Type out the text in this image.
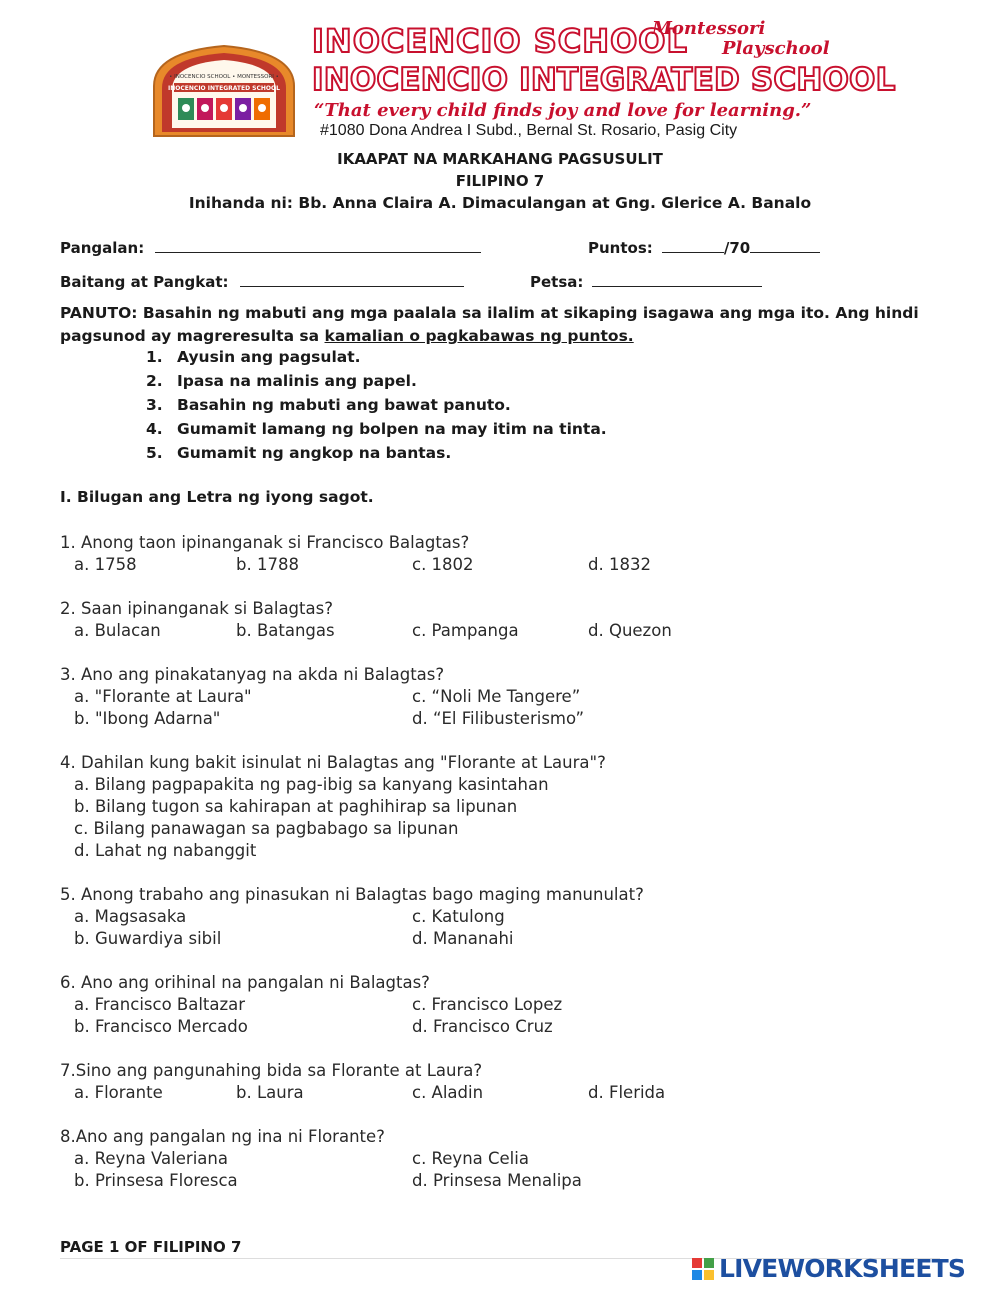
• INOCENCIO SCHOOL • MONTESSORI •
INOCENCIO INTEGRATED SCHOOL
INOCENCIO SCHOOL
Montessori
Playschool
INOCENCIO INTEGRATED SCHOOL
“That every child finds joy and love for learning.”
#1080 Dona Andrea I Subd., Bernal St. Rosario, Pasig City
IKAAPAT NA MARKAHANG PAGSUSULIT
FILIPINO 7
Inihanda ni: Bb. Anna Claira A. Dimaculangan at Gng. Glerice A. Banalo
Pangalan:	Puntos:	/70
Baitang at Pangkat:	Petsa:
PANUTO: Basahin ng mabuti ang mga paalala sa ilalim at sikaping isagawa ang mga ito. Ang hindi pagsunod ay magreresulta sa kamalian o pagkabawas ng puntos.
1. Ayusin ang pagsulat.
2. Ipasa na malinis ang papel.
3. Basahin ng mabuti ang bawat panuto.
4. Gumamit lamang ng bolpen na may itim na tinta.
5. Gumamit ng angkop na bantas.
I. Bilugan ang Letra ng iyong sagot.
1. Anong taon ipinanganak si Francisco Balagtas?
a. 1758	b. 1788	c. 1802	d. 1832
2. Saan ipinanganak si Balagtas?
a. Bulacan	b. Batangas	c. Pampanga	d. Quezon
3. Ano ang pinakatanyag na akda ni Balagtas?
a. "Florante at Laura"	c. “Noli Me Tangere”
b. "Ibong Adarna"	d. “El Filibusterismo”
4. Dahilan kung bakit isinulat ni Balagtas ang "Florante at Laura"?
a. Bilang pagpapakita ng pag-ibig sa kanyang kasintahan
b. Bilang tugon sa kahirapan at paghihirap sa lipunan
c. Bilang panawagan sa pagbabago sa lipunan
d. Lahat ng nabanggit
5. Anong trabaho ang pinasukan ni Balagtas bago maging manunulat?
a. Magsasaka	c. Katulong
b. Guwardiya sibil	d. Mananahi
6. Ano ang orihinal na pangalan ni Balagtas?
a. Francisco Baltazar	c. Francisco Lopez
b. Francisco Mercado	d. Francisco Cruz
7.Sino ang pangunahing bida sa Florante at Laura?
a. Florante	b. Laura	c. Aladin	d. Flerida
8.Ano ang pangalan ng ina ni Florante?
a. Reyna Valeriana	c. Reyna Celia
b. Prinsesa Floresca	d. Prinsesa Menalipa
PAGE 1 OF FILIPINO 7
LIVEWORKSHEETS
